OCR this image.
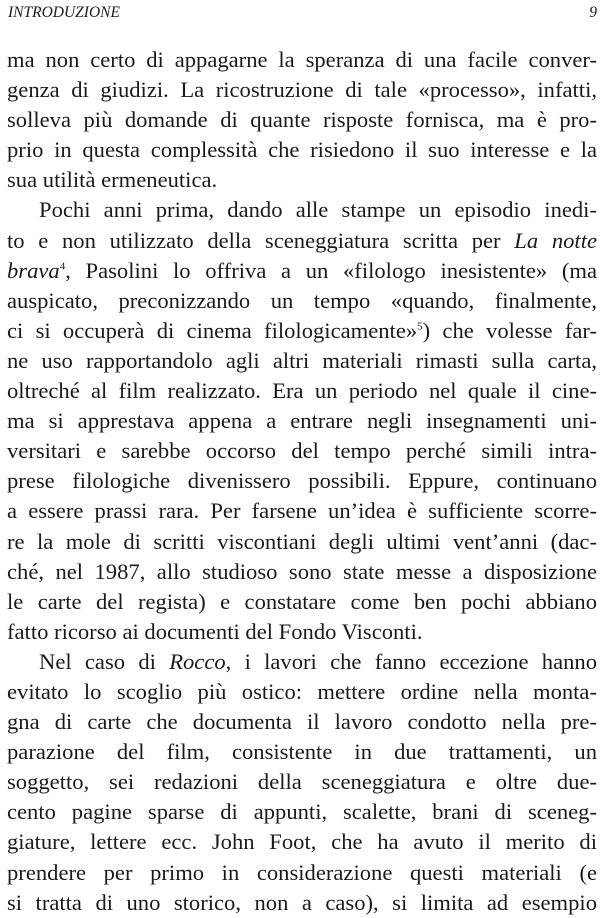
INTRODUZIONE	9
ma non certo di appagarne la speranza di una facile conver-
genza di giudizi. La ricostruzione di tale «processo», infatti,
solleva più domande di quante risposte fornisca, ma è pro-
prio in questa complessità che risiedono il suo interesse e la
sua utilità ermeneutica.
Pochi anni prima, dando alle stampe un episodio inedi-
to e non utilizzato della sceneggiatura scritta per La notte
brava$^4$, Pasolini lo offriva a un «filologo inesistente» (ma
auspicato, preconizzando un tempo «quando, finalmente,
ci si occuperà di cinema filologicamente»$^5$) che volesse far-
ne uso rapportandolo agli altri materiali rimasti sulla carta,
oltreché al film realizzato. Era un periodo nel quale il cine-
ma si apprestava appena a entrare negli insegnamenti uni-
versitari e sarebbe occorso del tempo perché simili intra-
prese filologiche divenissero possibili. Eppure, continuano
a essere prassi rara. Per farsene un’idea è sufficiente scorre-
re la mole di scritti viscontiani degli ultimi vent’anni (dac-
ché, nel 1987, allo studioso sono state messe a disposizione
le carte del regista) e constatare come ben pochi abbiano
fatto ricorso ai documenti del Fondo Visconti.
Nel caso di Rocco, i lavori che fanno eccezione hanno
evitato lo scoglio più ostico: mettere ordine nella monta-
gna di carte che documenta il lavoro condotto nella pre-
parazione del film, consistente in due trattamenti, un
soggetto, sei redazioni della sceneggiatura e oltre due-
cento pagine sparse di appunti, scalette, brani di sceneg-
giature, lettere ecc. John Foot, che ha avuto il merito di
prendere per primo in considerazione questi materiali (e
si tratta di uno storico, non a caso), si limita ad esempio
